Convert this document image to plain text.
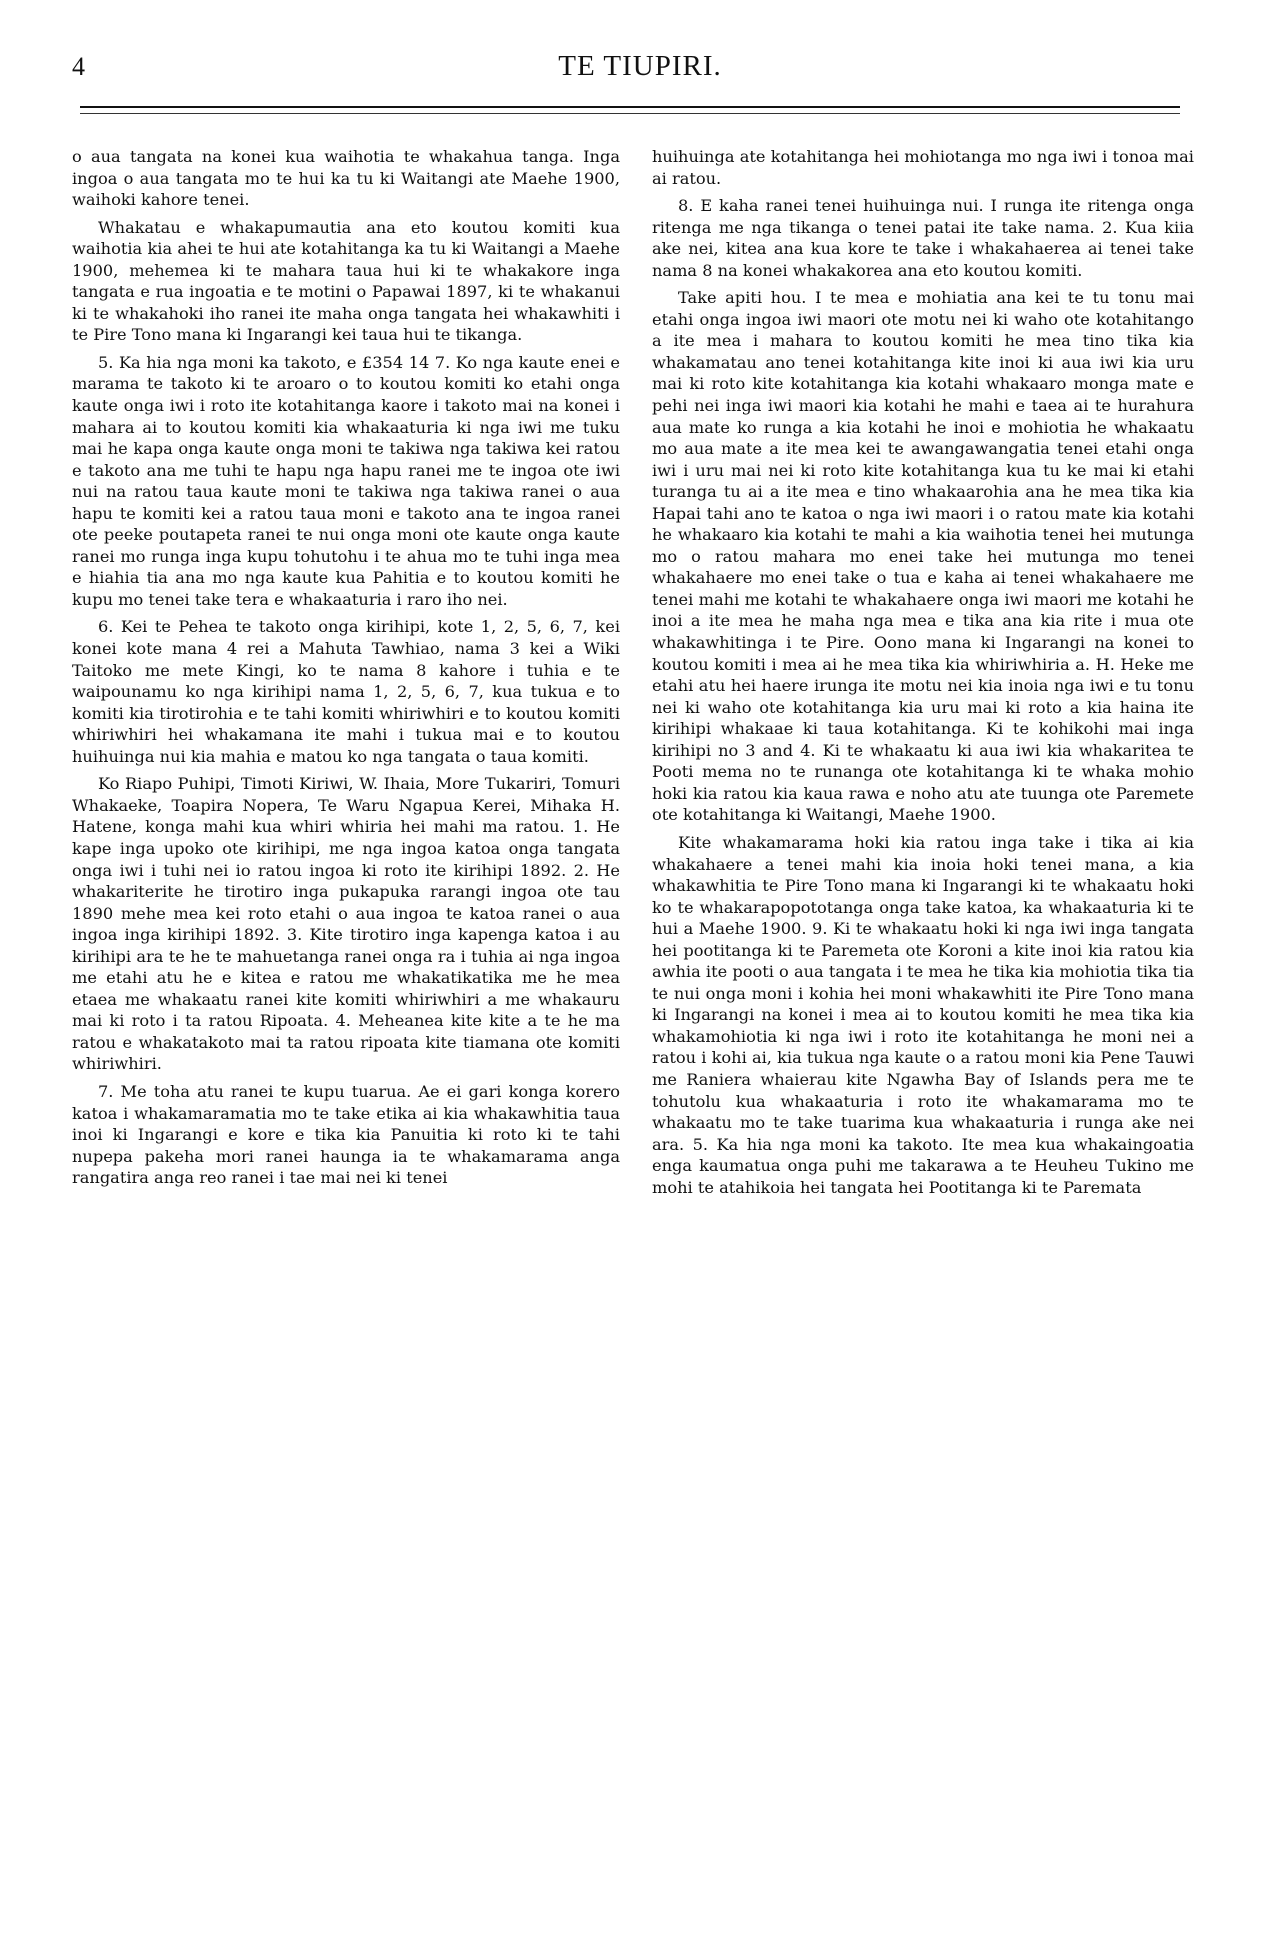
4	TE TIUPIRI.

o aua tangata na konei kua waihotia te whakahua tanga. Inga ingoa o aua tangata mo te hui ka tu ki Waitangi ate Maehe 1900, waihoki kahore tenei.

Whakatau e whakapumautia ana eto koutou komiti kua waihotia kia ahei te hui ate kotahitanga ka tu ki Waitangi a Maehe 1900, mehemea ki te mahara taua hui ki te whakakore inga tangata e rua ingoatia e te motini o Papawai 1897, ki te whakanui ki te whakahoki iho ranei ite maha onga tangata hei whakawhiti i te Pire Tono mana ki Ingarangi kei taua hui te tikanga.

5. Ka hia nga moni ka takoto, e £354 14 7. Ko nga kaute enei e marama te takoto ki te aroaro o to koutou komiti ko etahi onga kaute onga iwi i roto ite kotahitanga kaore i takoto mai na konei i mahara ai to koutou komiti kia whakaaturia ki nga iwi me tuku mai he kapa onga kaute onga moni te takiwa nga takiwa kei ratou e takoto ana me tuhi te hapu nga hapu ranei me te ingoa ote iwi nui na ratou taua kaute moni te takiwa nga takiwa ranei o aua hapu te komiti kei a ratou taua moni e takoto ana te ingoa ranei ote peeke poutapeta ranei te nui onga moni ote kaute onga kaute ranei mo runga inga kupu tohutohu i te ahua mo te tuhi inga mea e hiahia tia ana mo nga kaute kua Pahitia e to koutou komiti he kupu mo tenei take tera e whakaaturia i raro iho nei.

6. Kei te Pehea te takoto onga kirihipi, kote 1, 2, 5, 6, 7, kei konei kote mana 4 rei a Mahuta Tawhiao, nama 3 kei a Wiki Taitoko me mete Kingi, ko te nama 8 kahore i tuhia e te waipounamu ko nga kirihipi nama 1, 2, 5, 6, 7, kua tukua e to komiti kia tirotirohia e te tahi komiti whiriwhiri e to koutou komiti whiriwhiri hei whakamana ite mahi i tukua mai e to koutou huihuinga nui kia mahia e matou ko nga tangata o taua komiti.

Ko Riapo Puhipi, Timoti Kiriwi, W. Ihaia, More Tukariri, Tomuri Whakaeke, Toapira Nopera, Te Waru Ngapua Kerei, Mihaka H. Hatene, konga mahi kua whiri whiria hei mahi ma ratou. 1. He kape inga upoko ote kirihipi, me nga ingoa katoa onga tangata onga iwi i tuhi nei io ratou ingoa ki roto ite kirihipi 1892. 2. He whakariterite he tirotiro inga pukapuka rarangi ingoa ote tau 1890 mehe mea kei roto etahi o aua ingoa te katoa ranei o aua ingoa inga kirihipi 1892. 3. Kite tirotiro inga kapenga katoa i au kirihipi ara te he te mahuetanga ranei onga ra i tuhia ai nga ingoa me etahi atu he e kitea e ratou me whakatikatika me he mea etaea me whakaatu ranei kite komiti whiriwhiri a me whakauru mai ki roto i ta ratou Ripoata. 4. Meheanea kite kite a te he ma ratou e whakatakoto mai ta ratou ripoata kite tiamana ote komiti whiriwhiri.

7. Me toha atu ranei te kupu tuarua. Ae ei gari konga korero katoa i whakamaramatia mo te take etika ai kia whakawhitia taua inoi ki Ingarangi e kore e tika kia Panuitia ki roto ki te tahi nupepa pakeha mori ranei haunga ia te whakamarama anga rangatira anga reo ranei i tae mai nei ki tenei

huihuinga ate kotahitanga hei mohiotanga mo nga iwi i tonoa mai ai ratou.

8. E kaha ranei tenei huihuinga nui. I runga ite ritenga onga ritenga me nga tikanga o tenei patai ite take nama. 2. Kua kiia ake nei, kitea ana kua kore te take i whakahaerea ai tenei take nama 8 na konei whakakorea ana eto koutou komiti.

Take apiti hou. I te mea e mohiatia ana kei te tu tonu mai etahi onga ingoa iwi maori ote motu nei ki waho ote kotahitango a ite mea i mahara to koutou komiti he mea tino tika kia whakamatau ano tenei kotahitanga kite inoi ki aua iwi kia uru mai ki roto kite kotahitanga kia kotahi whakaaro monga mate e pehi nei inga iwi maori kia kotahi he mahi e taea ai te hurahura aua mate ko runga a kia kotahi he inoi e mohiotia he whakaatu mo aua mate a ite mea kei te awangawangatia tenei etahi onga iwi i uru mai nei ki roto kite kotahitanga kua tu ke mai ki etahi turanga tu ai a ite mea e tino whakaarohia ana he mea tika kia Hapai tahi ano te katoa o nga iwi maori i o ratou mate kia kotahi he whakaaro kia kotahi te mahi a kia waihotia tenei hei mutunga mo o ratou mahara mo enei take hei mutunga mo tenei whakahaere mo enei take o tua e kaha ai tenei whakahaere me tenei mahi me kotahi te whakahaere onga iwi maori me kotahi he inoi a ite mea he maha nga mea e tika ana kia rite i mua ote whakawhitinga i te Pire. Oono mana ki Ingarangi na konei to koutou komiti i mea ai he mea tika kia whiriwhiria a. H. Heke me etahi atu hei haere irunga ite motu nei kia inoia nga iwi e tu tonu nei ki waho ote kotahitanga kia uru mai ki roto a kia haina ite kirihipi whakaae ki taua kotahitanga. Ki te kohikohi mai inga kirihipi no 3 and 4. Ki te whakaatu ki aua iwi kia whakaritea te Pooti mema no te runanga ote kotahitanga ki te whaka mohio hoki kia ratou kia kaua rawa e noho atu ate tuunga ote Paremete ote kotahitanga ki Waitangi, Maehe 1900.

Kite whakamarama hoki kia ratou inga take i tika ai kia whakahaere a tenei mahi kia inoia hoki tenei mana, a kia whakawhitia te Pire Tono mana ki Ingarangi ki te whakaatu hoki ko te whakarapopototanga onga take katoa, ka whakaaturia ki te hui a Maehe 1900. 9. Ki te whakaatu hoki ki nga iwi inga tangata hei pootitanga ki te Paremeta ote Koroni a kite inoi kia ratou kia awhia ite pooti o aua tangata i te mea he tika kia mohiotia tika tia te nui onga moni i kohia hei moni whakawhiti ite Pire Tono mana ki Ingarangi na konei i mea ai to koutou komiti he mea tika kia whakamohiotia ki nga iwi i roto ite kotahitanga he moni nei a ratou i kohi ai, kia tukua nga kaute o a ratou moni kia Pene Tauwi me Raniera whaierau kite Ngawha Bay of Islands pera me te tohutolu kua whakaaturia i roto ite whakamarama mo te whakaatu mo te take tuarima kua whakaaturia i runga ake nei ara. 5. Ka hia nga moni ka takoto. Ite mea kua whakaingoatia enga kaumatua onga puhi me takarawa a te Heuheu Tukino me mohi te atahikoia hei tangata hei Pootitanga ki te Paremata
